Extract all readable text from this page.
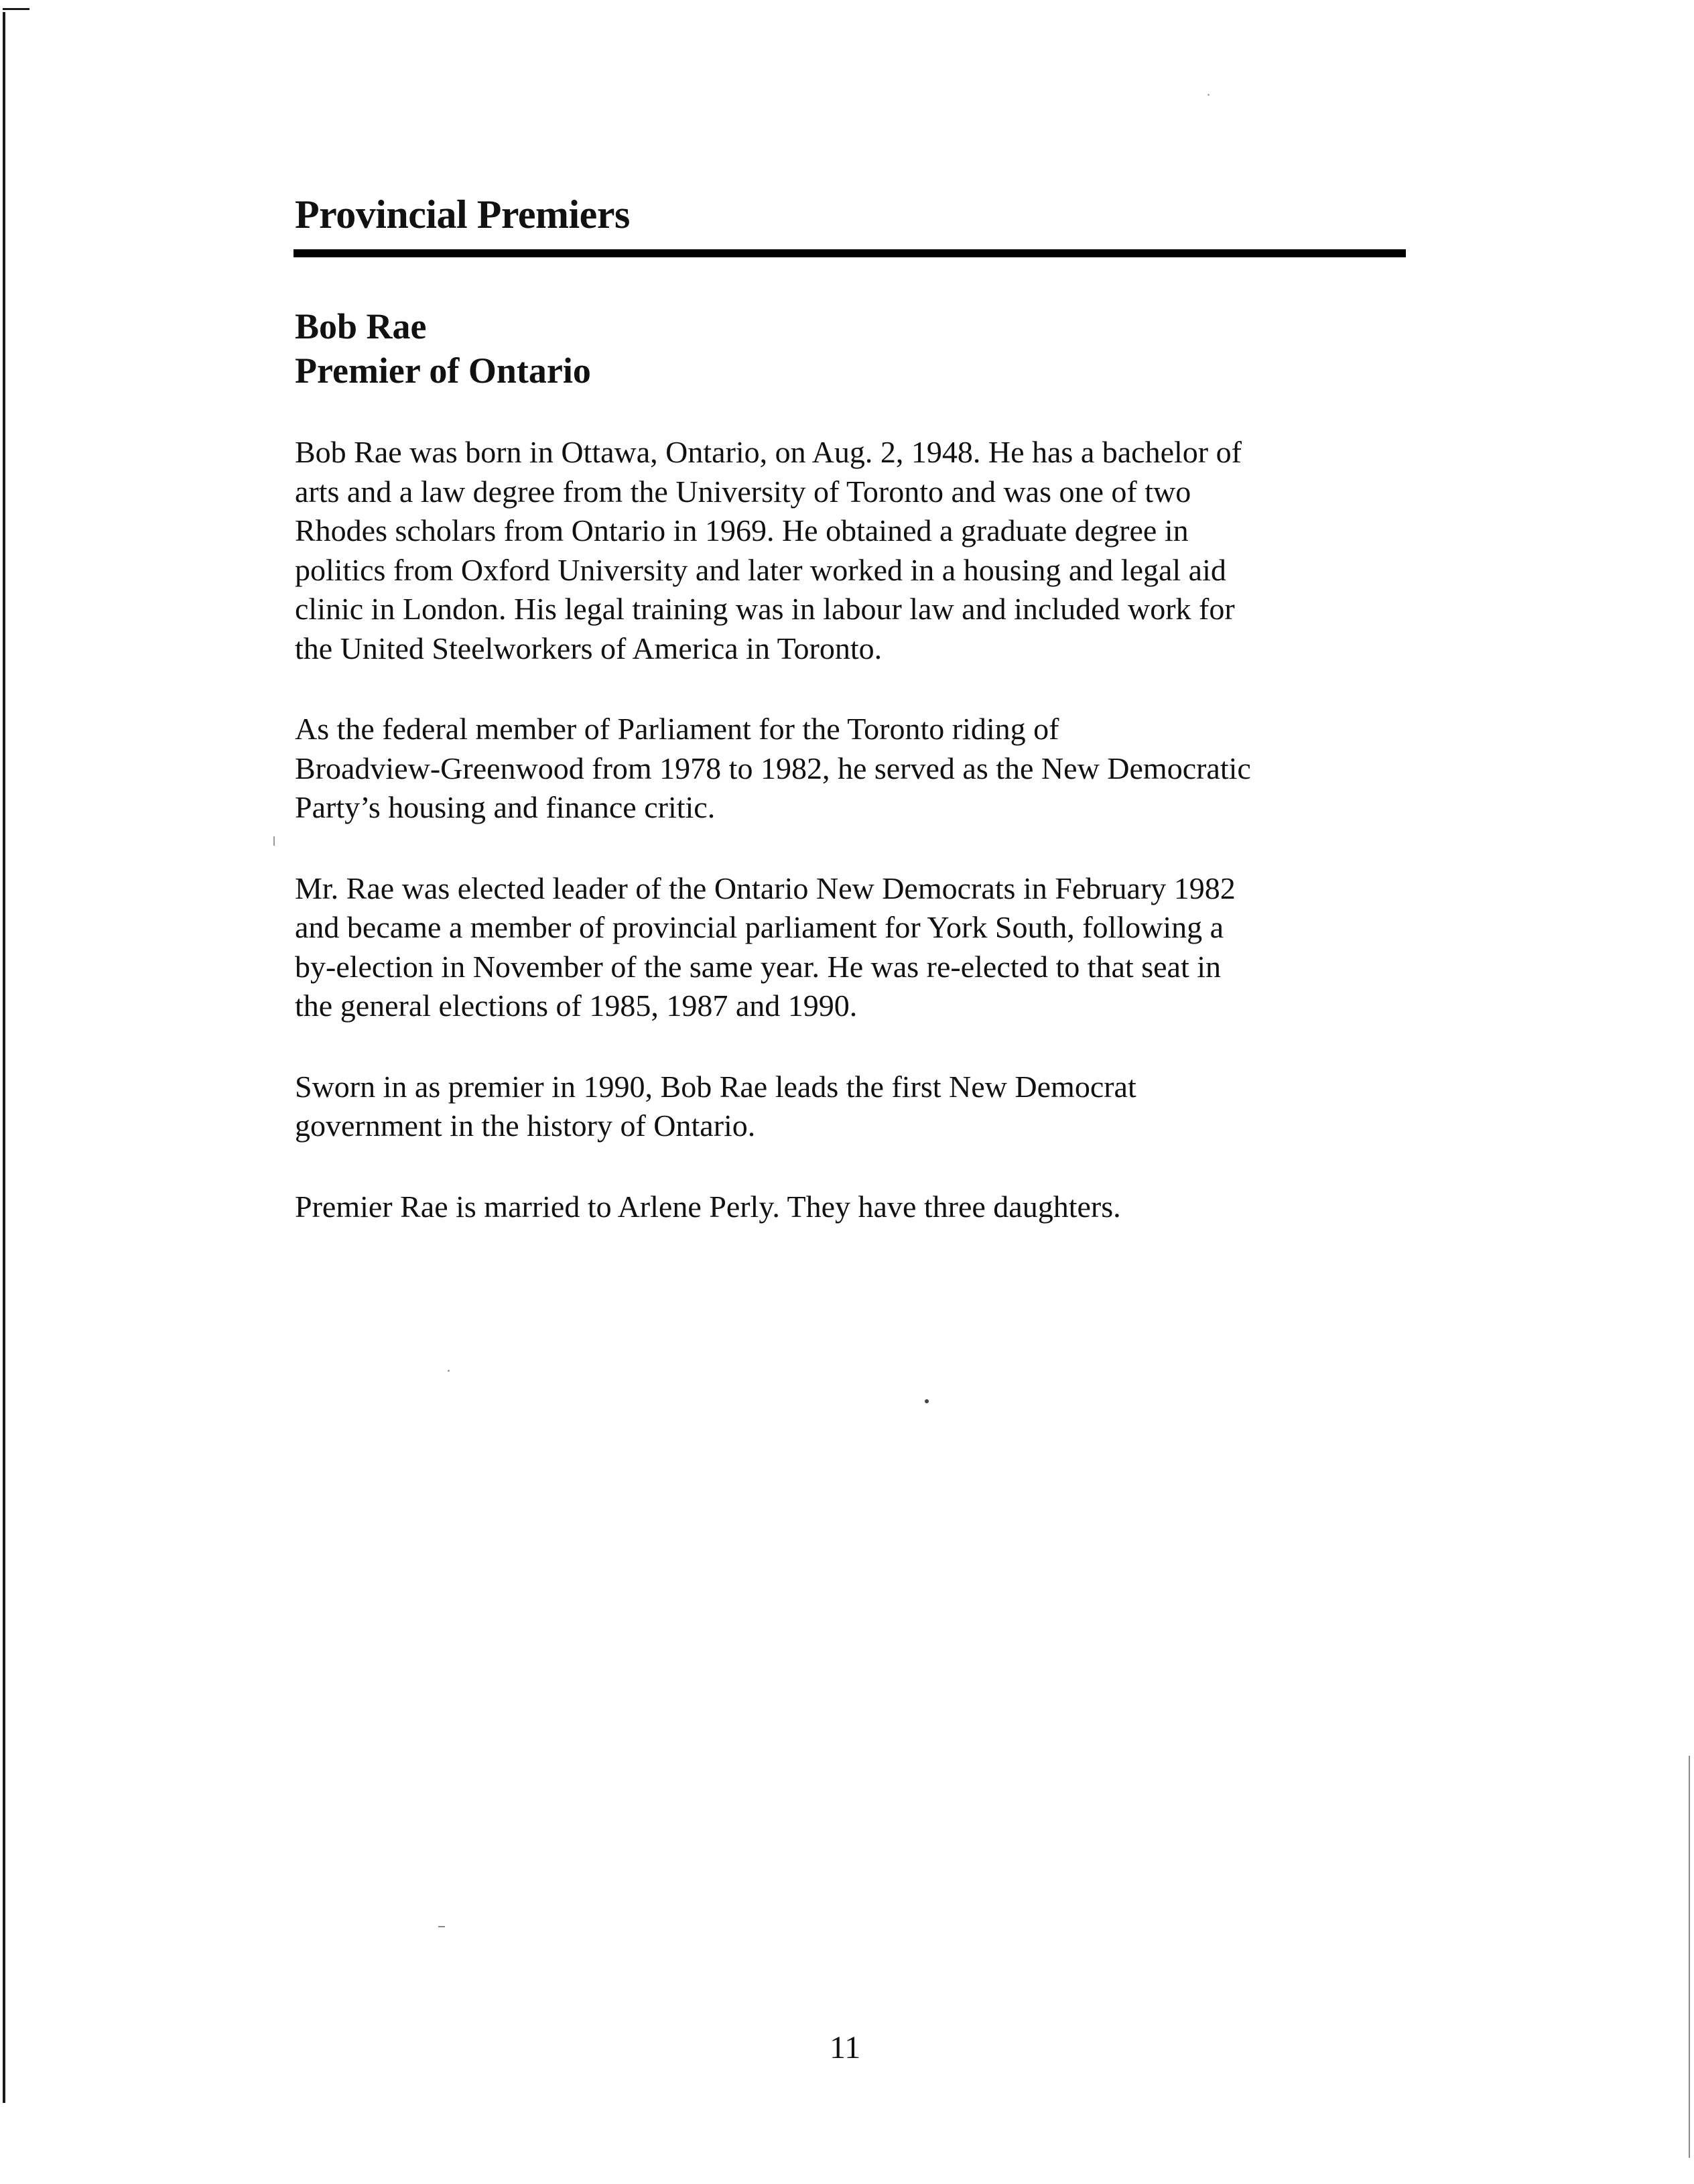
Provincial Premiers
Bob Rae
Premier of Ontario

Bob Rae was born in Ottawa, Ontario, on Aug. 2, 1948. He has a bachelor of
arts and a law degree from the University of Toronto and was one of two
Rhodes scholars from Ontario in 1969. He obtained a graduate degree in
politics from Oxford University and later worked in a housing and legal aid
clinic in London. His legal training was in labour law and included work for
the United Steelworkers of America in Toronto.

As the federal member of Parliament for the Toronto riding of
Broadview-Greenwood from 1978 to 1982, he served as the New Democratic
Party’s housing and finance critic.

Mr. Rae was elected leader of the Ontario New Democrats in February 1982
and became a member of provincial parliament for York South, following a
by-election in November of the same year. He was re-elected to that seat in
the general elections of 1985, 1987 and 1990.

Sworn in as premier in 1990, Bob Rae leads the first New Democrat
government in the history of Ontario.

Premier Rae is married to Arlene Perly. They have three daughters.

11
